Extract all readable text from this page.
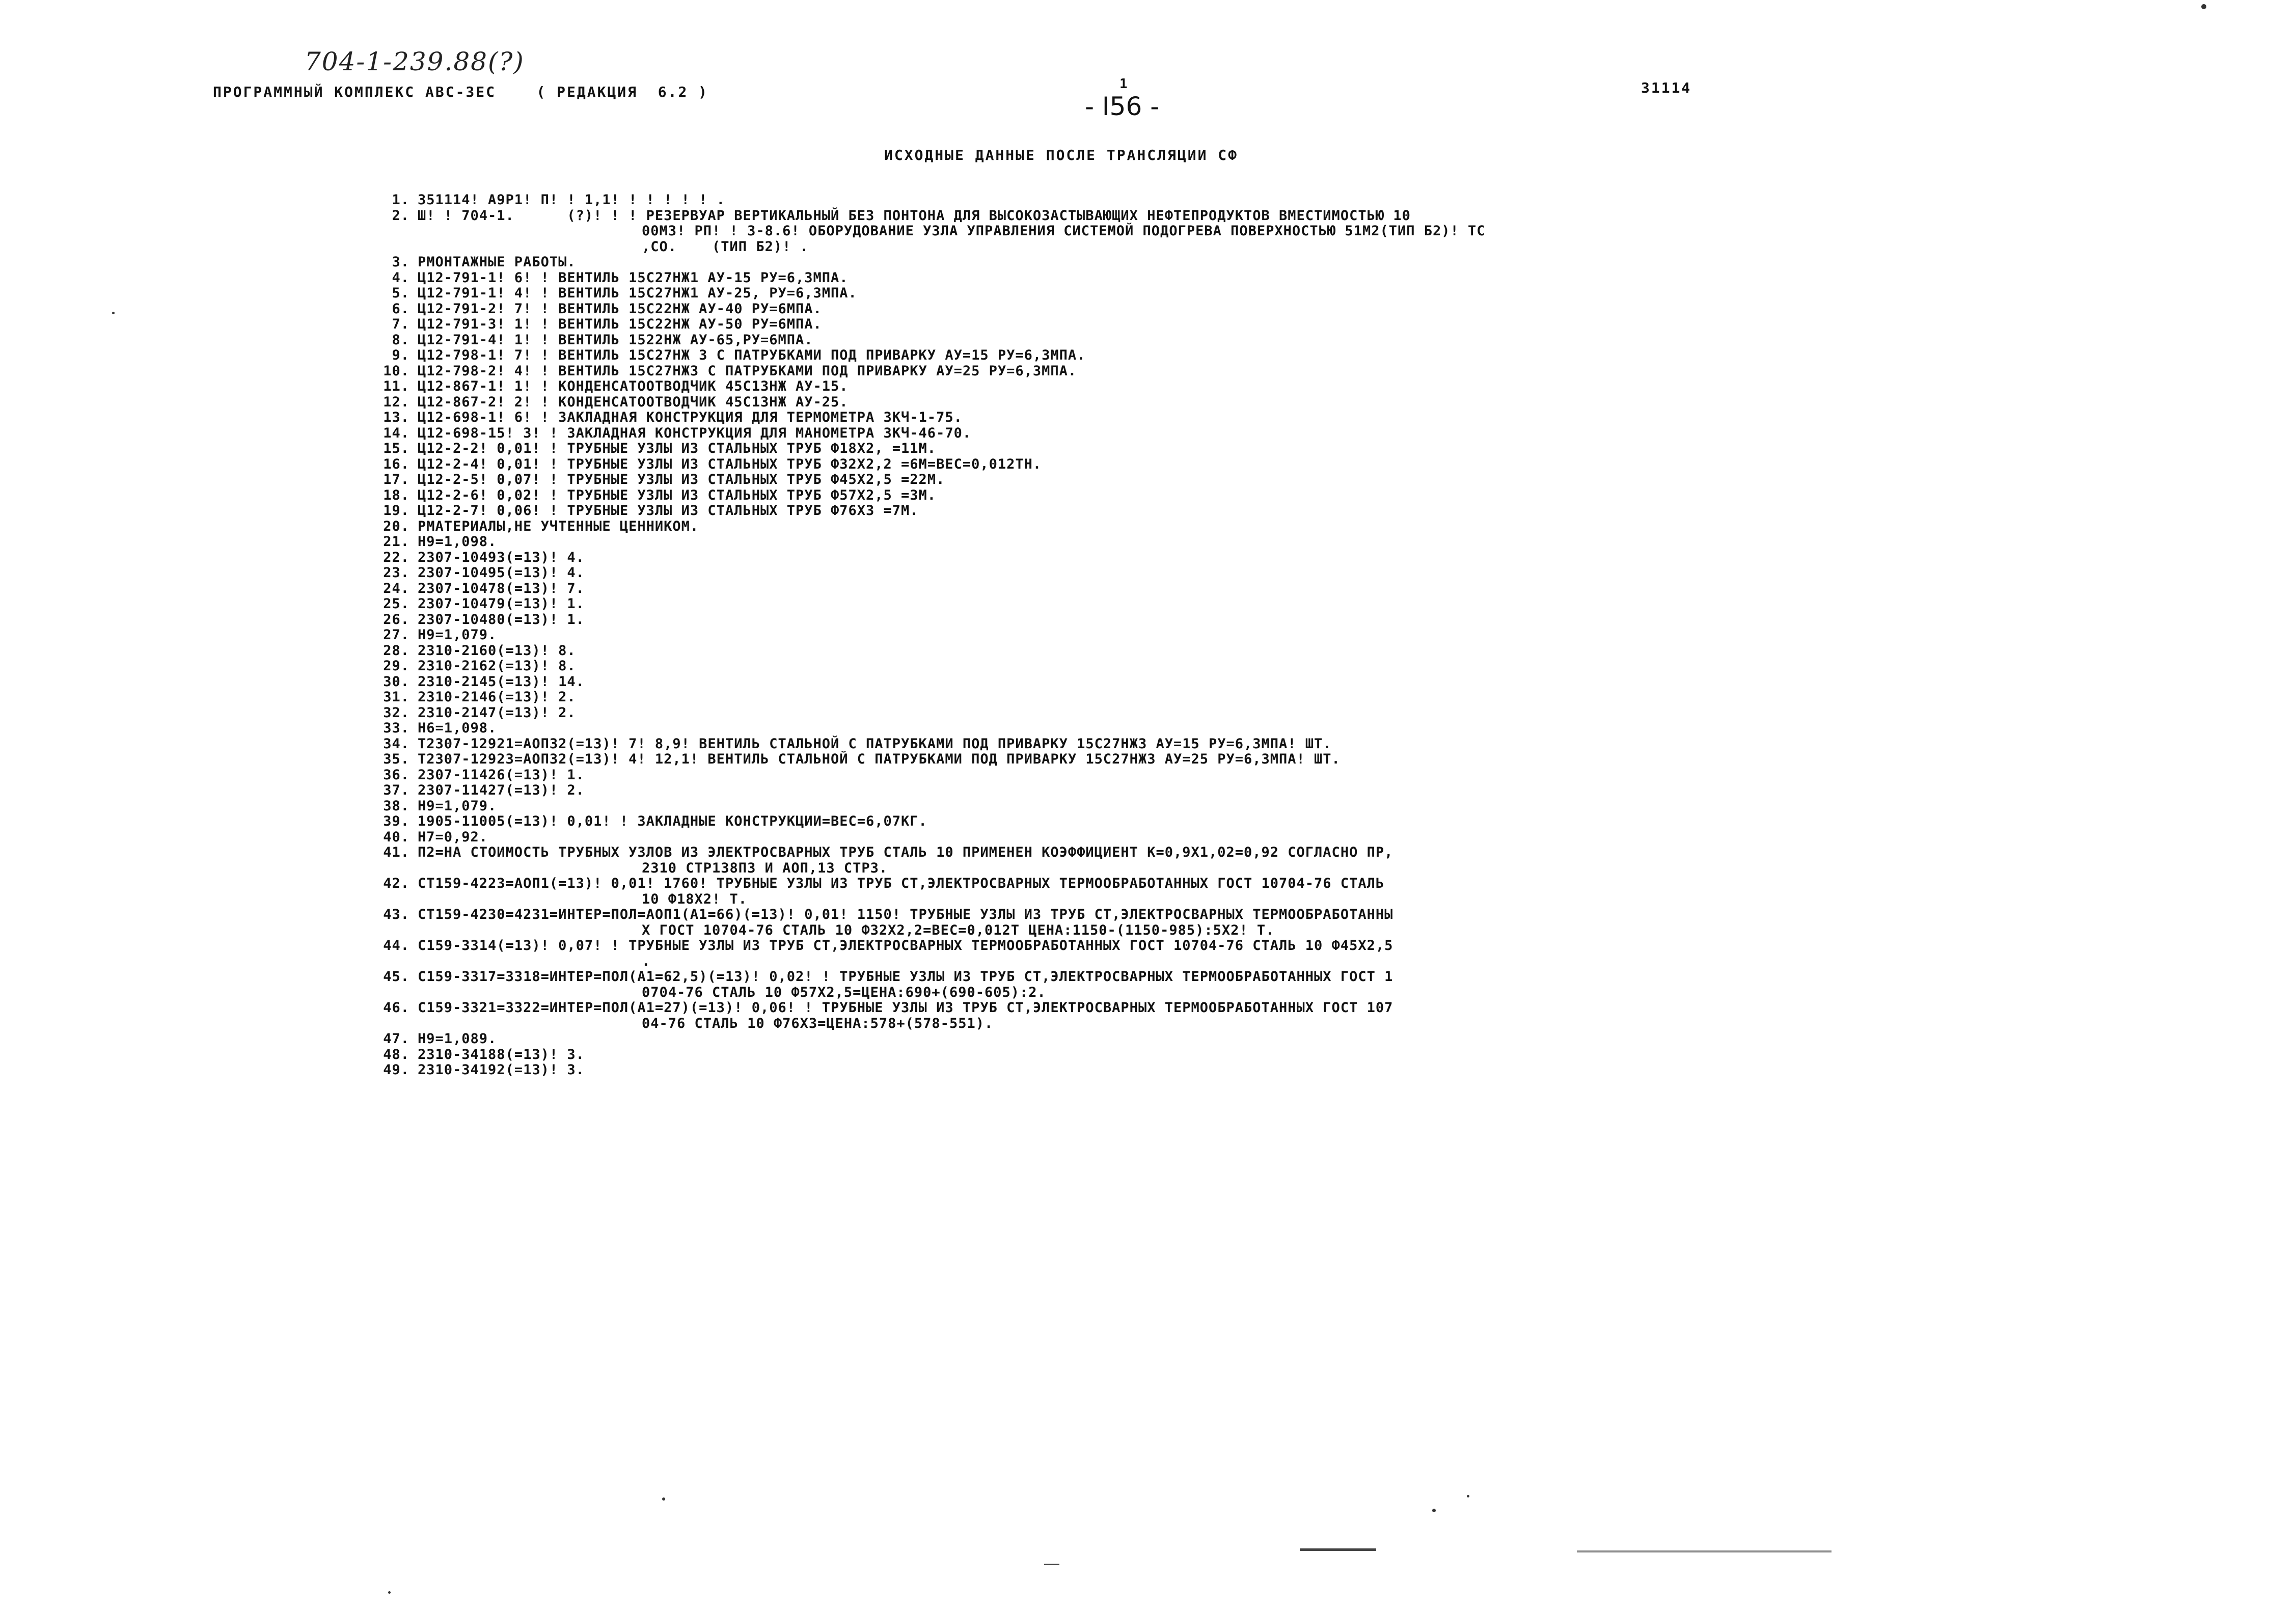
704-1-239.88(?)
ПРОГРАММНЫЙ КОМПЛЕКС АВС-3ЕС    ( РЕДАКЦИЯ  6.2 )	1
- I56 -
31114
ИСХОДНЫЕ ДАННЫЕ ПОСЛЕ ТРАНСЛЯЦИИ СФ
1. 351114! А9Р1! П! ! 1,1! ! ! ! ! ! .
2. Ш! ! 704-1.      (?)! ! ! РЕЗЕРВУАР ВЕРТИКАЛЬНЫЙ БЕЗ ПОНТОНА ДЛЯ ВЫСОКОЗАСТЫВАЮЩИХ НЕФТЕПРОДУКТОВ ВМЕСТИМОСТЬЮ 10
00М3! РП! ! 3-8.6! ОБОРУДОВАНИЕ УЗЛА УПРАВЛЕНИЯ СИСТЕМОЙ ПОДОГРЕВА ПОВЕРХНОСТЬЮ 51М2(ТИП Б2)! ТС
,СО.    (ТИП Б2)! .
3. РМОНТАЖНЫЕ РАБОТЫ.
4. Ц12-791-1! 6! ! ВЕНТИЛЬ 15С27НЖ1 АУ-15 РУ=6,3МПА.
5. Ц12-791-1! 4! ! ВЕНТИЛЬ 15С27НЖ1 АУ-25, РУ=6,3МПА.
6. Ц12-791-2! 7! ! ВЕНТИЛЬ 15С22НЖ АУ-40 РУ=6МПА.
7. Ц12-791-3! 1! ! ВЕНТИЛЬ 15С22НЖ АУ-50 РУ=6МПА.
8. Ц12-791-4! 1! ! ВЕНТИЛЬ 1522НЖ АУ-65,РУ=6МПА.
9. Ц12-798-1! 7! ! ВЕНТИЛЬ 15С27НЖ 3 С ПАТРУБКАМИ ПОД ПРИВАРКУ АУ=15 РУ=6,3МПА.
10. Ц12-798-2! 4! ! ВЕНТИЛЬ 15С27НЖ3 С ПАТРУБКАМИ ПОД ПРИВАРКУ АУ=25 РУ=6,3МПА.
11. Ц12-867-1! 1! ! КОНДЕНСАТООТВОДЧИК 45С13НЖ АУ-15.
12. Ц12-867-2! 2! ! КОНДЕНСАТООТВОДЧИК 45С13НЖ АУ-25.
13. Ц12-698-1! 6! ! ЗАКЛАДНАЯ КОНСТРУКЦИЯ ДЛЯ ТЕРМОМЕТРА ЗКЧ-1-75.
14. Ц12-698-15! 3! ! ЗАКЛАДНАЯ КОНСТРУКЦИЯ ДЛЯ МАНОМЕТРА ЗКЧ-46-70.
15. Ц12-2-2! 0,01! ! ТРУБНЫЕ УЗЛЫ ИЗ СТАЛЬНЫХ ТРУБ Ф18Х2, =11М.
16. Ц12-2-4! 0,01! ! ТРУБНЫЕ УЗЛЫ ИЗ СТАЛЬНЫХ ТРУБ Ф32Х2,2 =6М=ВЕС=0,012ТН.
17. Ц12-2-5! 0,07! ! ТРУБНЫЕ УЗЛЫ ИЗ СТАЛЬНЫХ ТРУБ Ф45Х2,5 =22М.
18. Ц12-2-6! 0,02! ! ТРУБНЫЕ УЗЛЫ ИЗ СТАЛЬНЫХ ТРУБ Ф57Х2,5 =3М.
19. Ц12-2-7! 0,06! ! ТРУБНЫЕ УЗЛЫ ИЗ СТАЛЬНЫХ ТРУБ Ф76Х3 =7М.
20. РМАТЕРИАЛЫ,НЕ УЧТЕННЫЕ ЦЕННИКОМ.
21. Н9=1,098.
22. 2307-10493(=13)! 4.
23. 2307-10495(=13)! 4.
24. 2307-10478(=13)! 7.
25. 2307-10479(=13)! 1.
26. 2307-10480(=13)! 1.
27. Н9=1,079.
28. 2310-2160(=13)! 8.
29. 2310-2162(=13)! 8.
30. 2310-2145(=13)! 14.
31. 2310-2146(=13)! 2.
32. 2310-2147(=13)! 2.
33. Н6=1,098.
34. Т2307-12921=АОП32(=13)! 7! 8,9! ВЕНТИЛЬ СТАЛЬНОЙ С ПАТРУБКАМИ ПОД ПРИВАРКУ 15С27НЖ3 АУ=15 РУ=6,3МПА! ШТ.
35. Т2307-12923=АОП32(=13)! 4! 12,1! ВЕНТИЛЬ СТАЛЬНОЙ С ПАТРУБКАМИ ПОД ПРИВАРКУ 15С27НЖ3 АУ=25 РУ=6,3МПА! ШТ.
36. 2307-11426(=13)! 1.
37. 2307-11427(=13)! 2.
38. Н9=1,079.
39. 1905-11005(=13)! 0,01! ! ЗАКЛАДНЫЕ КОНСТРУКЦИИ=ВЕС=6,07КГ.
40. Н7=0,92.
41. П2=НА СТОИМОСТЬ ТРУБНЫХ УЗЛОВ ИЗ ЭЛЕКТРОСВАРНЫХ ТРУБ СТАЛЬ 10 ПРИМЕНЕН КОЭФФИЦИЕНТ К=0,9Х1,02=0,92 СОГЛАСНО ПР,
2310 СТР138П3 И АОП,13 СТР3.
42. СТ159-4223=АОП1(=13)! 0,01! 1760! ТРУБНЫЕ УЗЛЫ ИЗ ТРУБ СТ,ЭЛЕКТРОСВАРНЫХ ТЕРМООБРАБОТАННЫХ ГОСТ 10704-76 СТАЛЬ
10 Ф18Х2! Т.
43. СТ159-4230=4231=ИНТЕР=ПОЛ=АОП1(А1=66)(=13)! 0,01! 1150! ТРУБНЫЕ УЗЛЫ ИЗ ТРУБ СТ,ЭЛЕКТРОСВАРНЫХ ТЕРМООБРАБОТАННЫ
Х ГОСТ 10704-76 СТАЛЬ 10 Ф32Х2,2=ВЕС=0,012Т ЦЕНА:1150-(1150-985):5Х2! Т.
44. С159-3314(=13)! 0,07! ! ТРУБНЫЕ УЗЛЫ ИЗ ТРУБ СТ,ЭЛЕКТРОСВАРНЫХ ТЕРМООБРАБОТАННЫХ ГОСТ 10704-76 СТАЛЬ 10 Ф45Х2,5
.
45. С159-3317=3318=ИНТЕР=ПОЛ(А1=62,5)(=13)! 0,02! ! ТРУБНЫЕ УЗЛЫ ИЗ ТРУБ СТ,ЭЛЕКТРОСВАРНЫХ ТЕРМООБРАБОТАННЫХ ГОСТ 1
0704-76 СТАЛЬ 10 Ф57Х2,5=ЦЕНА:690+(690-605):2.
46. С159-3321=3322=ИНТЕР=ПОЛ(А1=27)(=13)! 0,06! ! ТРУБНЫЕ УЗЛЫ ИЗ ТРУБ СТ,ЭЛЕКТРОСВАРНЫХ ТЕРМООБРАБОТАННЫХ ГОСТ 107
04-76 СТАЛЬ 10 Ф76Х3=ЦЕНА:578+(578-551).
47. Н9=1,089.
48. 2310-34188(=13)! 3.
49. 2310-34192(=13)! 3.
